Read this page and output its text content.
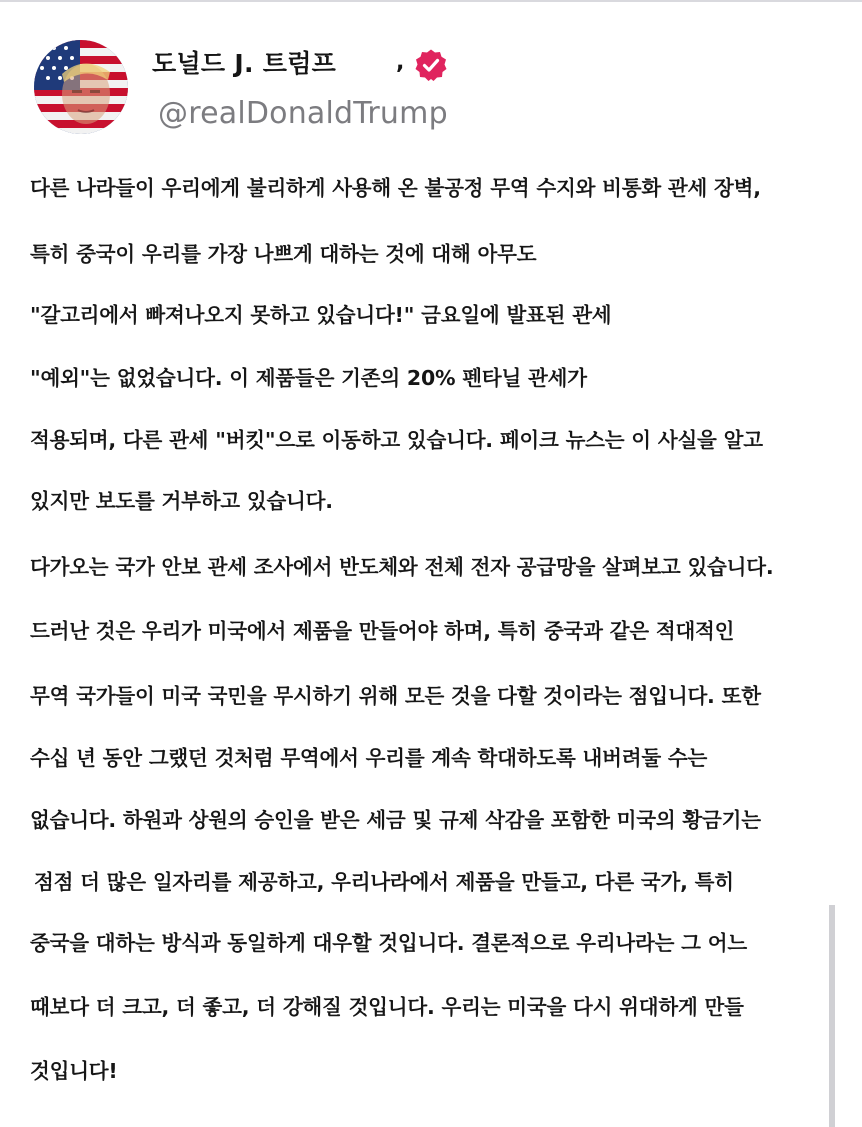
도널드 J. 트럼프	,
@realDonaldTrump
다른 나라들이 우리에게 불리하게 사용해 온 불공정 무역 수지와 비통화 관세 장벽,
특히 중국이 우리를 가장 나쁘게 대하는 것에 대해 아무도
"갈고리에서 빠져나오지 못하고 있습니다!" 금요일에 발표된 관세
"예외"는 없었습니다. 이 제품들은 기존의 20% 펜타닐 관세가
적용되며, 다른 관세 "버킷"으로 이동하고 있습니다. 페이크 뉴스는 이 사실을 알고
있지만 보도를 거부하고 있습니다.
다가오는 국가 안보 관세 조사에서 반도체와 전체 전자 공급망을 살펴보고 있습니다.
드러난 것은 우리가 미국에서 제품을 만들어야 하며, 특히 중국과 같은 적대적인
무역 국가들이 미국 국민을 무시하기 위해 모든 것을 다할 것이라는 점입니다. 또한
수십 년 동안 그랬던 것처럼 무역에서 우리를 계속 학대하도록 내버려둘 수는
없습니다. 하원과 상원의 승인을 받은 세금 및 규제 삭감을 포함한 미국의 황금기는
점점 더 많은 일자리를 제공하고, 우리나라에서 제품을 만들고, 다른 국가, 특히
중국을 대하는 방식과 동일하게 대우할 것입니다. 결론적으로 우리나라는 그 어느
때보다 더 크고, 더 좋고, 더 강해질 것입니다. 우리는 미국을 다시 위대하게 만들
것입니다!
